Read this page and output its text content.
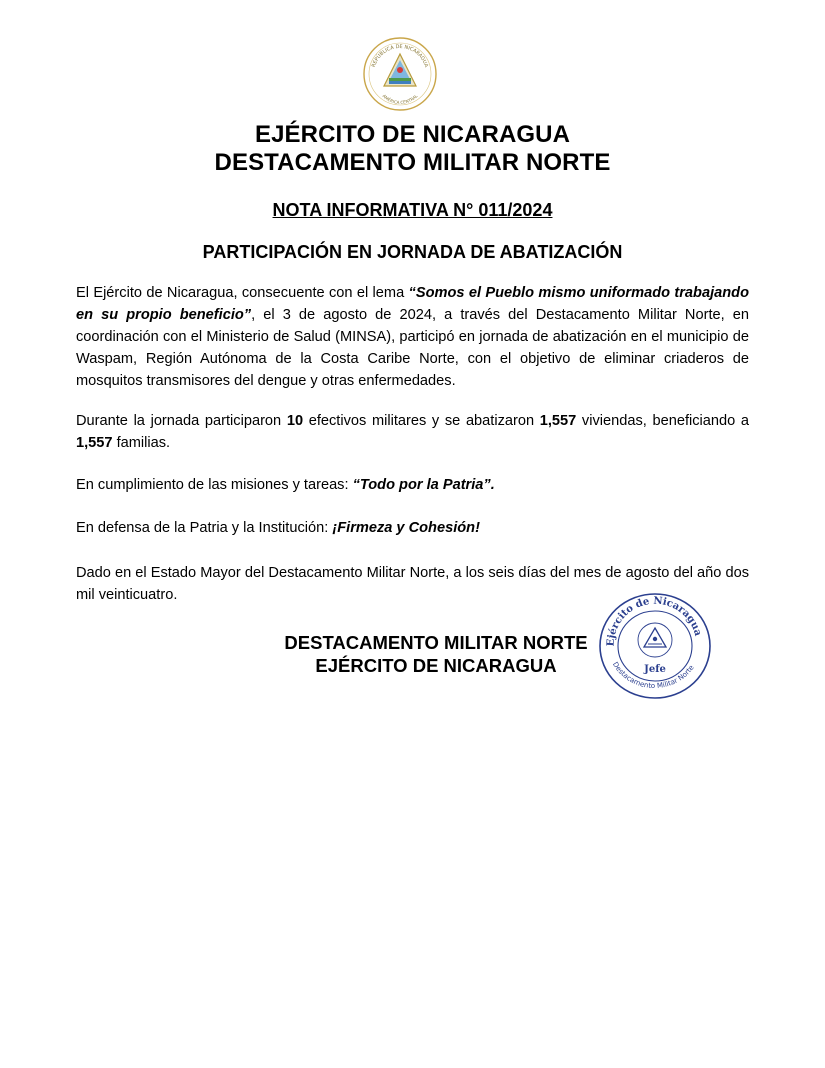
REPÚBLICA DE NICARAGUA
AMÉRICA CENTRAL
EJÉRCITO DE NICARAGUA
DESTACAMENTO MILITAR NORTE
NOTA INFORMATIVA N° 011/2024
PARTICIPACIÓN EN JORNADA DE ABATIZACIÓN
El Ejército de Nicaragua, consecuente con el lema “Somos el Pueblo mismo uniformado trabajando en su propio beneficio”, el 3 de agosto de 2024, a través del Destacamento Militar Norte, en coordinación con el Ministerio de Salud (MINSA), participó en jornada de abatización en el municipio de Waspam, Región Autónoma de la Costa Caribe Norte, con el objetivo de eliminar criaderos de mosquitos transmisores del dengue y otras enfermedades.
Durante la jornada participaron 10 efectivos militares y se abatizaron 1,557 viviendas, beneficiando a 1,557 familias.
En cumplimiento de las misiones y tareas: “Todo por la Patria”.
En defensa de la Patria y la Institución: ¡Firmeza y Cohesión!
Dado en el Estado Mayor del Destacamento Militar Norte, a los seis días del mes de agosto del año dos mil veinticuatro.
DESTACAMENTO MILITAR NORTE
EJÉRCITO DE NICARAGUA
Ejército de Nicaragua
Destacamento Militar Norte
Jefe
